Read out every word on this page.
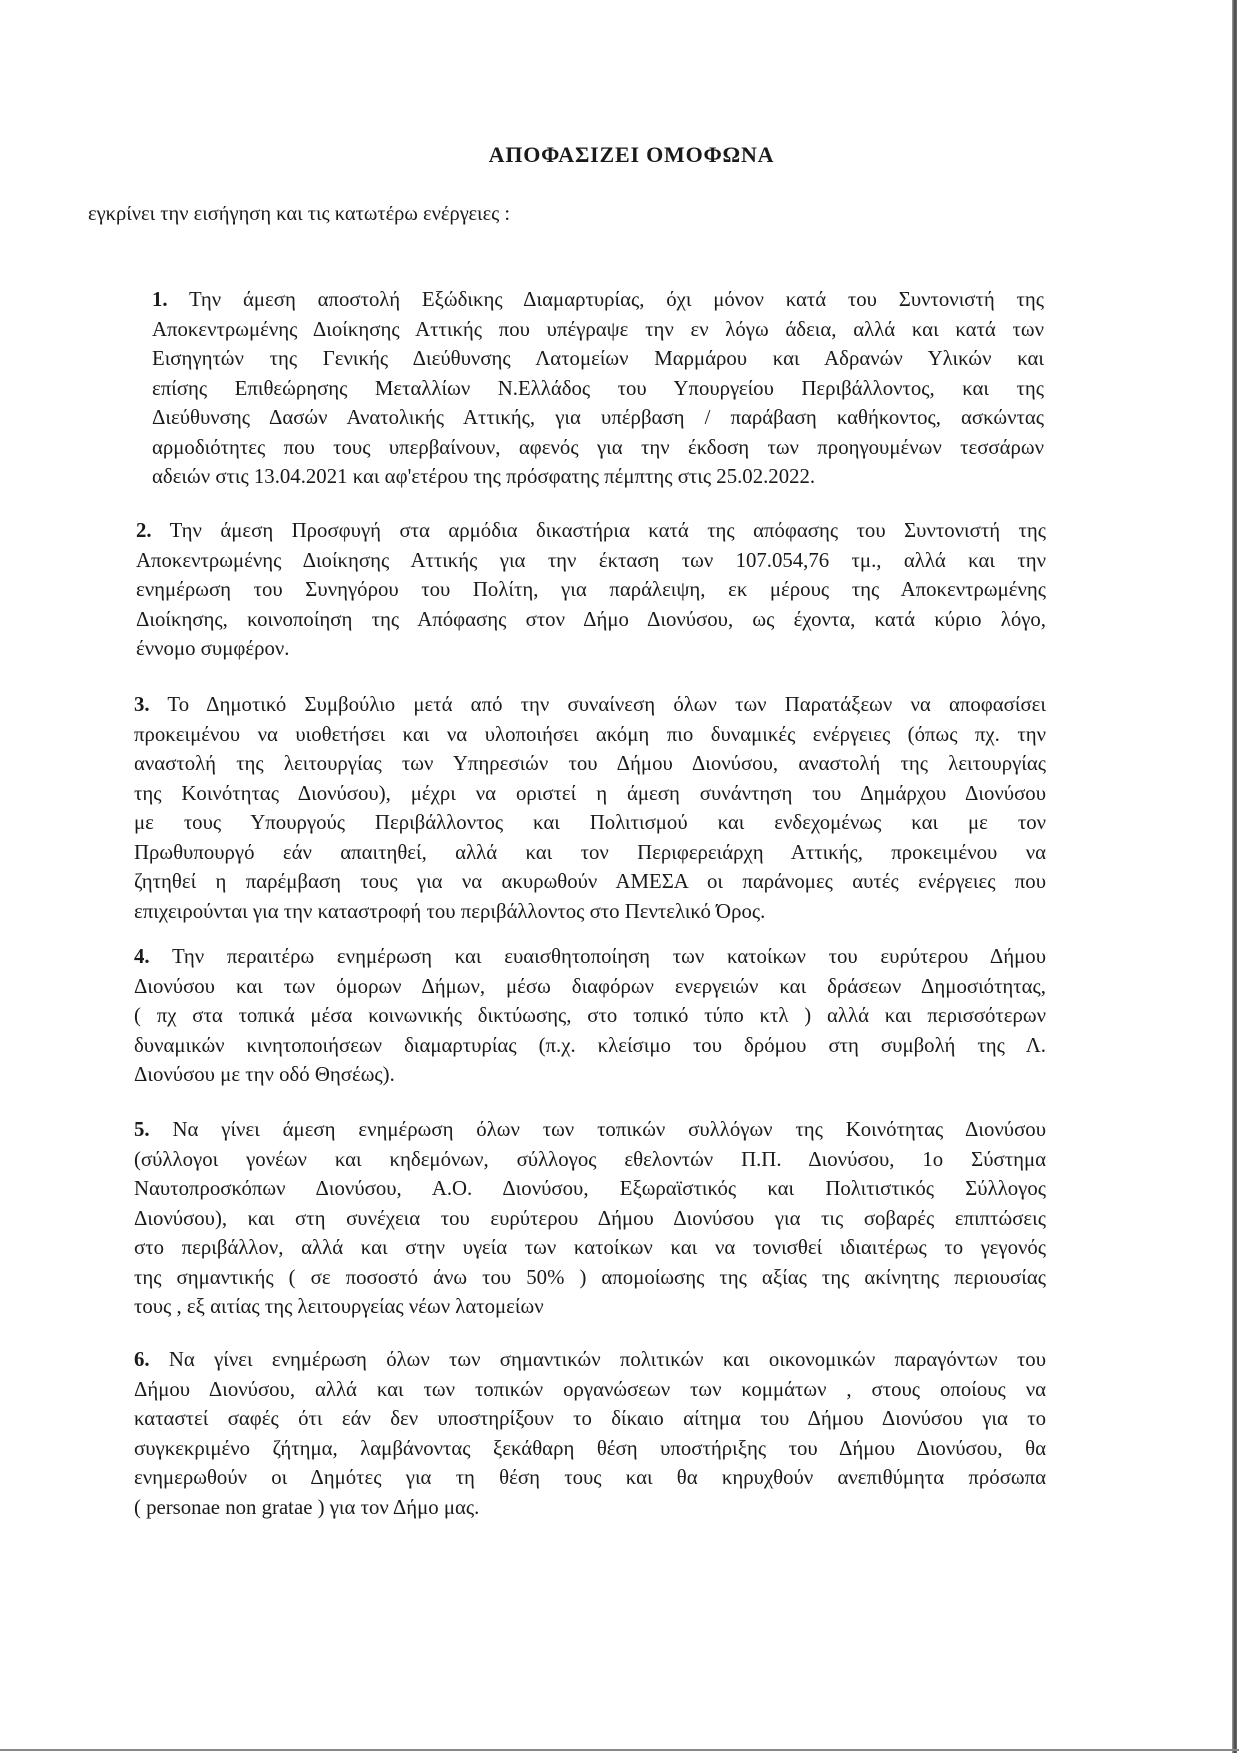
ΑΠΟΦΑΣΙΖΕΙ ΟΜΟΦΩΝΑ
εγκρίνει την εισήγηση και τις κατωτέρω ενέργειες :
1. Την άμεση αποστολή Εξώδικης Διαμαρτυρίας, όχι μόνον κατά του Συντονιστή της
Αποκεντρωμένης Διοίκησης Αττικής που υπέγραψε την εν λόγω άδεια, αλλά και κατά των
Εισηγητών της Γενικής Διεύθυνσης Λατομείων Μαρμάρου και Αδρανών Υλικών και
επίσης Επιθεώρησης Μεταλλίων Ν.Ελλάδος του Υπουργείου Περιβάλλοντος, και της
Διεύθυνσης Δασών Ανατολικής Αττικής, για υπέρβαση / παράβαση καθήκοντος, ασκώντας
αρμοδιότητες που τους υπερβαίνουν, αφενός για την έκδοση των προηγουμένων τεσσάρων
αδειών στις 13.04.2021 και αφ'ετέρου της πρόσφατης πέμπτης στις 25.02.2022.
2. Την άμεση Προσφυγή στα αρμόδια δικαστήρια κατά της απόφασης του Συντονιστή της
Αποκεντρωμένης Διοίκησης Αττικής για την έκταση των 107.054,76 τμ., αλλά και την
ενημέρωση του Συνηγόρου του Πολίτη, για παράλειψη, εκ μέρους της Αποκεντρωμένης
Διοίκησης, κοινοποίηση της Απόφασης στον Δήμο Διονύσου, ως έχοντα, κατά κύριο λόγο,
έννομο συμφέρον.
3. Το Δημοτικό Συμβούλιο μετά από την συναίνεση όλων των Παρατάξεων να αποφασίσει
προκειμένου να υιοθετήσει και να υλοποιήσει ακόμη πιο δυναμικές ενέργειες (όπως πχ. την
αναστολή της λειτουργίας των Υπηρεσιών του Δήμου Διονύσου, αναστολή της λειτουργίας
της Κοινότητας Διονύσου), μέχρι να οριστεί η άμεση συνάντηση του Δημάρχου Διονύσου
με τους Υπουργούς Περιβάλλοντος και Πολιτισμού και ενδεχομένως και με τον
Πρωθυπουργό εάν απαιτηθεί, αλλά και τον Περιφερειάρχη Αττικής, προκειμένου να
ζητηθεί η παρέμβαση τους για να ακυρωθούν ΑΜΕΣΑ οι παράνομες αυτές ενέργειες που
επιχειρούνται για την καταστροφή του περιβάλλοντος στο Πεντελικό Όρος.
4. Την περαιτέρω ενημέρωση και ευαισθητοποίηση των κατοίκων του ευρύτερου Δήμου
Διονύσου και των όμορων Δήμων, μέσω διαφόρων ενεργειών και δράσεων Δημοσιότητας,
( πχ στα τοπικά μέσα κοινωνικής δικτύωσης, στο τοπικό τύπο κτλ ) αλλά και περισσότερων
δυναμικών κινητοποιήσεων διαμαρτυρίας (π.χ. κλείσιμο του δρόμου στη συμβολή της Λ.
Διονύσου με την οδό Θησέως).
5. Να γίνει άμεση ενημέρωση όλων των τοπικών συλλόγων της Κοινότητας Διονύσου
(σύλλογοι γονέων και κηδεμόνων, σύλλογος εθελοντών Π.Π. Διονύσου, 1ο Σύστημα
Ναυτοπροσκόπων Διονύσου, Α.Ο. Διονύσου, Εξωραϊστικός και Πολιτιστικός Σύλλογος
Διονύσου), και στη συνέχεια του ευρύτερου Δήμου Διονύσου για τις σοβαρές επιπτώσεις
στο περιβάλλον, αλλά και στην υγεία των κατοίκων και να τονισθεί ιδιαιτέρως το γεγονός
της σημαντικής ( σε ποσοστό άνω του 50% ) απομοίωσης της αξίας της ακίνητης περιουσίας
τους , εξ αιτίας της λειτουργείας νέων λατομείων
6. Να γίνει ενημέρωση όλων των σημαντικών πολιτικών και οικονομικών παραγόντων του
Δήμου Διονύσου, αλλά και των τοπικών οργανώσεων των κομμάτων , στους οποίους να
καταστεί σαφές ότι εάν δεν υποστηρίξουν το δίκαιο αίτημα του Δήμου Διονύσου για το
συγκεκριμένο ζήτημα, λαμβάνοντας ξεκάθαρη θέση υποστήριξης του Δήμου Διονύσου, θα
ενημερωθούν οι Δημότες για τη θέση τους και θα κηρυχθούν ανεπιθύμητα πρόσωπα
( personae non gratae ) για τον Δήμο μας.
